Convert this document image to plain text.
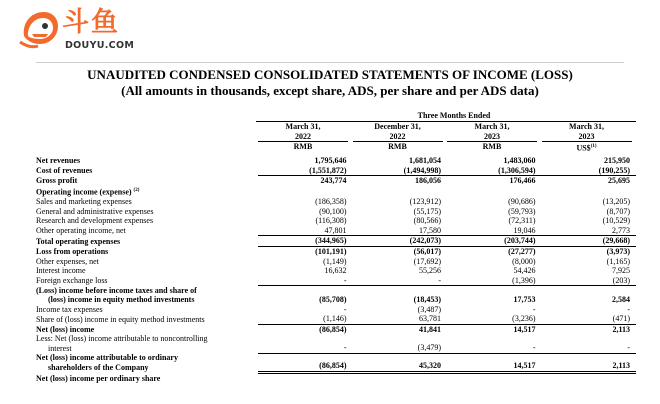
斗鱼
DOUYU.COM
UNAUDITED CONDENSED CONSOLIDATED STATEMENTS OF INCOME (LOSS)
(All amounts in thousands, except share, ADS, per share and per ADS data)
Three Months Ended
March 31,
2022
RMB
December 31,
2022
RMB
March 31,
2023
RMB
March 31,
2023
US\$$^{(1)}$
Net revenues	1,795,646	1,681,054	1,483,060	215,950
Cost of revenues	(1,551,872)	(1,494,998)	(1,306,594)	(190,255)
Gross profit	243,774	186,056	176,466	25,695
Operating income (expense) $^{(2)}$				
Sales and marketing expenses	(186,358)	(123,912)	(90,686)	(13,205)
General and administrative expenses	(90,100)	(55,175)	(59,793)	(8,707)
Research and development expenses	(116,308)	(80,566)	(72,311)	(10,529)
Other operating income, net	47,801	17,580	19,046	2,773
Total operating expenses	(344,965)	(242,073)	(203,744)	(29,668)
Loss from operations	(101,191)	(56,017)	(27,277)	(3,973)
Other expenses, net	(1,149)	(17,692)	(8,000)	(1,165)
Interest income	16,632	55,256	54,426	7,925
Foreign exchange loss	-	-	(1,396)	(203)
(Loss) income before income taxes and share of
(loss) income in equity method investments	(85,708)	(18,453)	17,753	2,584
Income tax expenses	-	(3,487)	-	-
Share of (loss) income in equity method investments	(1,146)	63,781	(3,236)	(471)
Net (loss) income	(86,854)	41,841	14,517	2,113
Less: Net (loss) income attributable to noncontrolling
interest	-	(3,479)	-	-
Net (loss) income attributable to ordinary
shareholders of the Company	(86,854)	45,320	14,517	2,113
Net (loss) income per ordinary share				
